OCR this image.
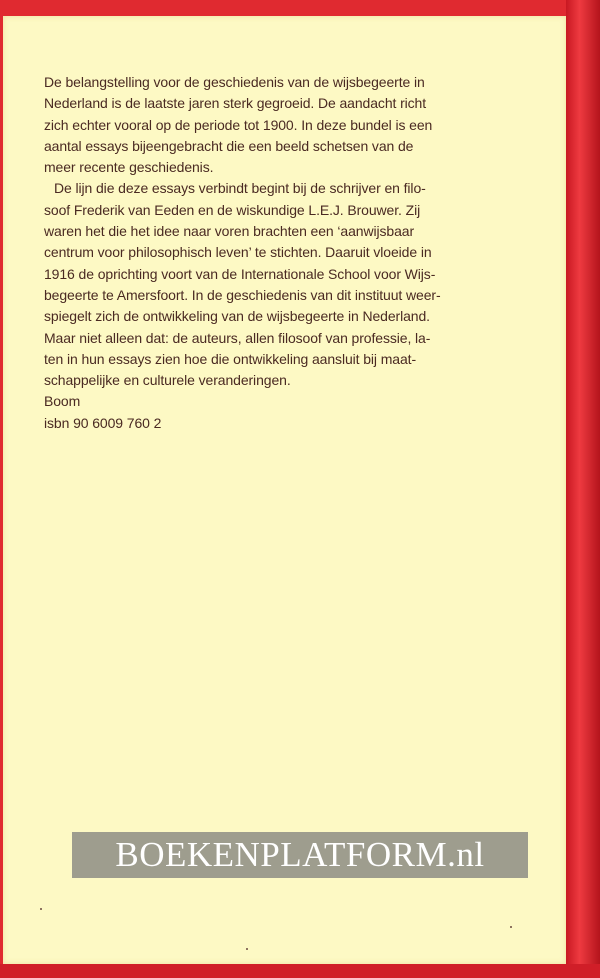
De belangstelling voor de geschiedenis van de wijsbegeerte in
Nederland is de laatste jaren sterk gegroeid. De aandacht richt
zich echter vooral op de periode tot 1900. In deze bundel is een
aantal essays bijeengebracht die een beeld schetsen van de
meer recente geschiedenis.

De lijn die deze essays verbindt begint bij de schrijver en filo-
soof Frederik van Eeden en de wiskundige L.E.J. Brouwer. Zij
waren het die het idee naar voren brachten een ‘aanwijsbaar
centrum voor philosophisch leven’ te stichten. Daaruit vloeide in
1916 de oprichting voort van de Internationale School voor Wijs-
begeerte te Amersfoort. In de geschiedenis van dit instituut weer-
spiegelt zich de ontwikkeling van de wijsbegeerte in Nederland.
Maar niet alleen dat: de auteurs, allen filosoof van professie, la-
ten in hun essays zien hoe die ontwikkeling aansluit bij maat-
schappelijke en culturele veranderingen.

Boom
isbn 90 6009 760 2

BOEKENPLATFORM.nl
